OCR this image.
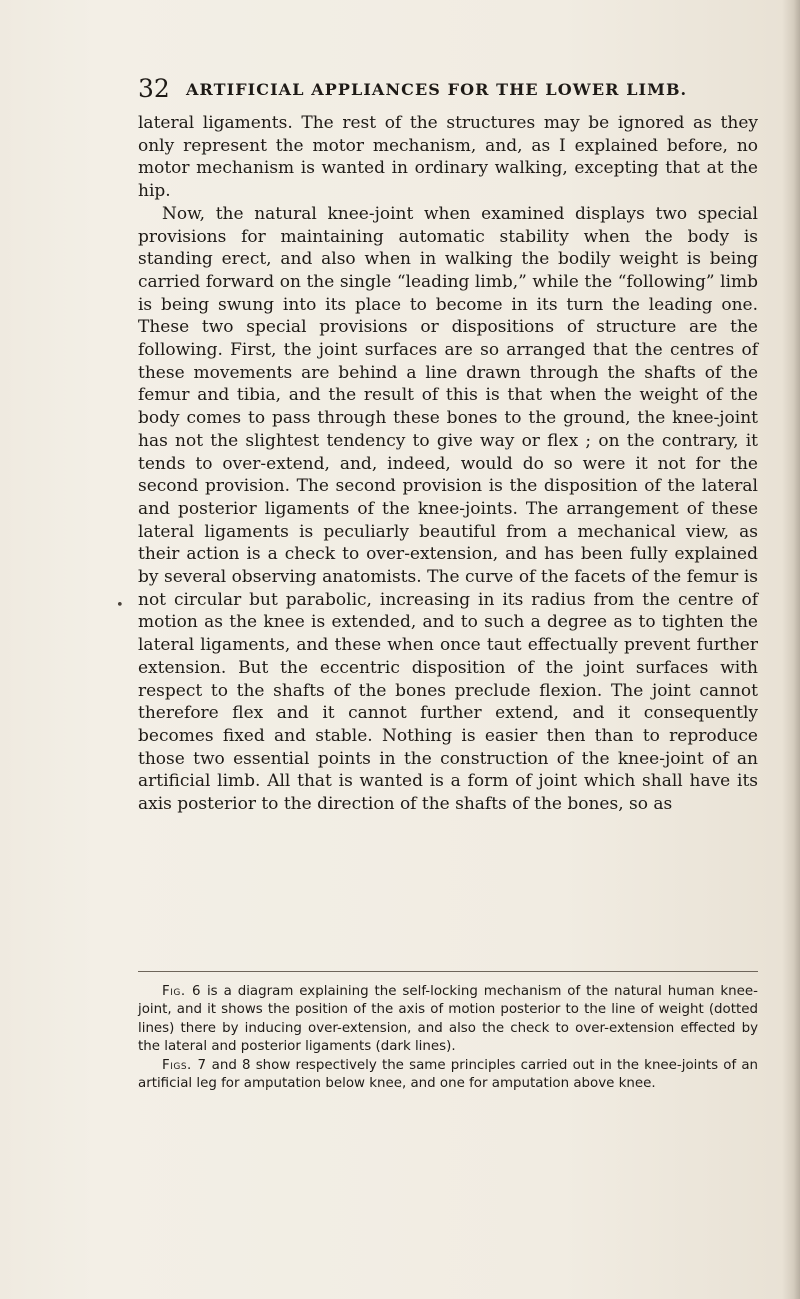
32 ARTIFICIAL APPLIANCES FOR THE LOWER LIMB.
•

lateral ligaments. The rest of the structures may be ignored as they only represent the motor mechanism, and, as I explained before, no motor mechanism is wanted in ordinary walking, excepting that at the hip.

Now, the natural knee-joint when examined displays two special provisions for maintaining automatic stability when the body is standing erect, and also when in walking the bodily weight is being carried forward on the single “leading limb,” while the “following” limb is being swung into its place to become in its turn the leading one. These two special provisions or dispositions of structure are the following. First, the joint surfaces are so arranged that the centres of these movements are behind a line drawn through the shafts of the femur and tibia, and the result of this is that when the weight of the body comes to pass through these bones to the ground, the knee-joint has not the slightest tendency to give way or flex ; on the contrary, it tends to over-extend, and, indeed, would do so were it not for the second provision. The second provision is the disposition of the lateral and posterior ligaments of the knee-joints. The arrangement of these lateral ligaments is peculiarly beautiful from a mechanical view, as their action is a check to over-extension, and has been fully explained by several observing anatomists. The curve of the facets of the femur is not circular but parabolic, increasing in its radius from the centre of motion as the knee is extended, and to such a degree as to tighten the lateral ligaments, and these when once taut effectually prevent further extension. But the eccentric disposition of the joint surfaces with respect to the shafts of the bones preclude flexion. The joint cannot therefore flex and it cannot further extend, and it consequently becomes fixed and stable. Nothing is easier then than to reproduce those two essential points in the construction of the knee-joint of an artificial limb. All that is wanted is a form of joint which shall have its axis posterior to the direction of the shafts of the bones, so as

Fig. 6 is a diagram explaining the self-locking mechanism of the natural human knee-joint, and it shows the position of the axis of motion posterior to the line of weight (dotted lines) there by inducing over-extension, and also the check to over-extension effected by the lateral and posterior ligaments (dark lines).

Figs. 7 and 8 show respectively the same principles carried out in the knee-joints of an artificial leg for amputation below knee, and one for amputation above knee.
